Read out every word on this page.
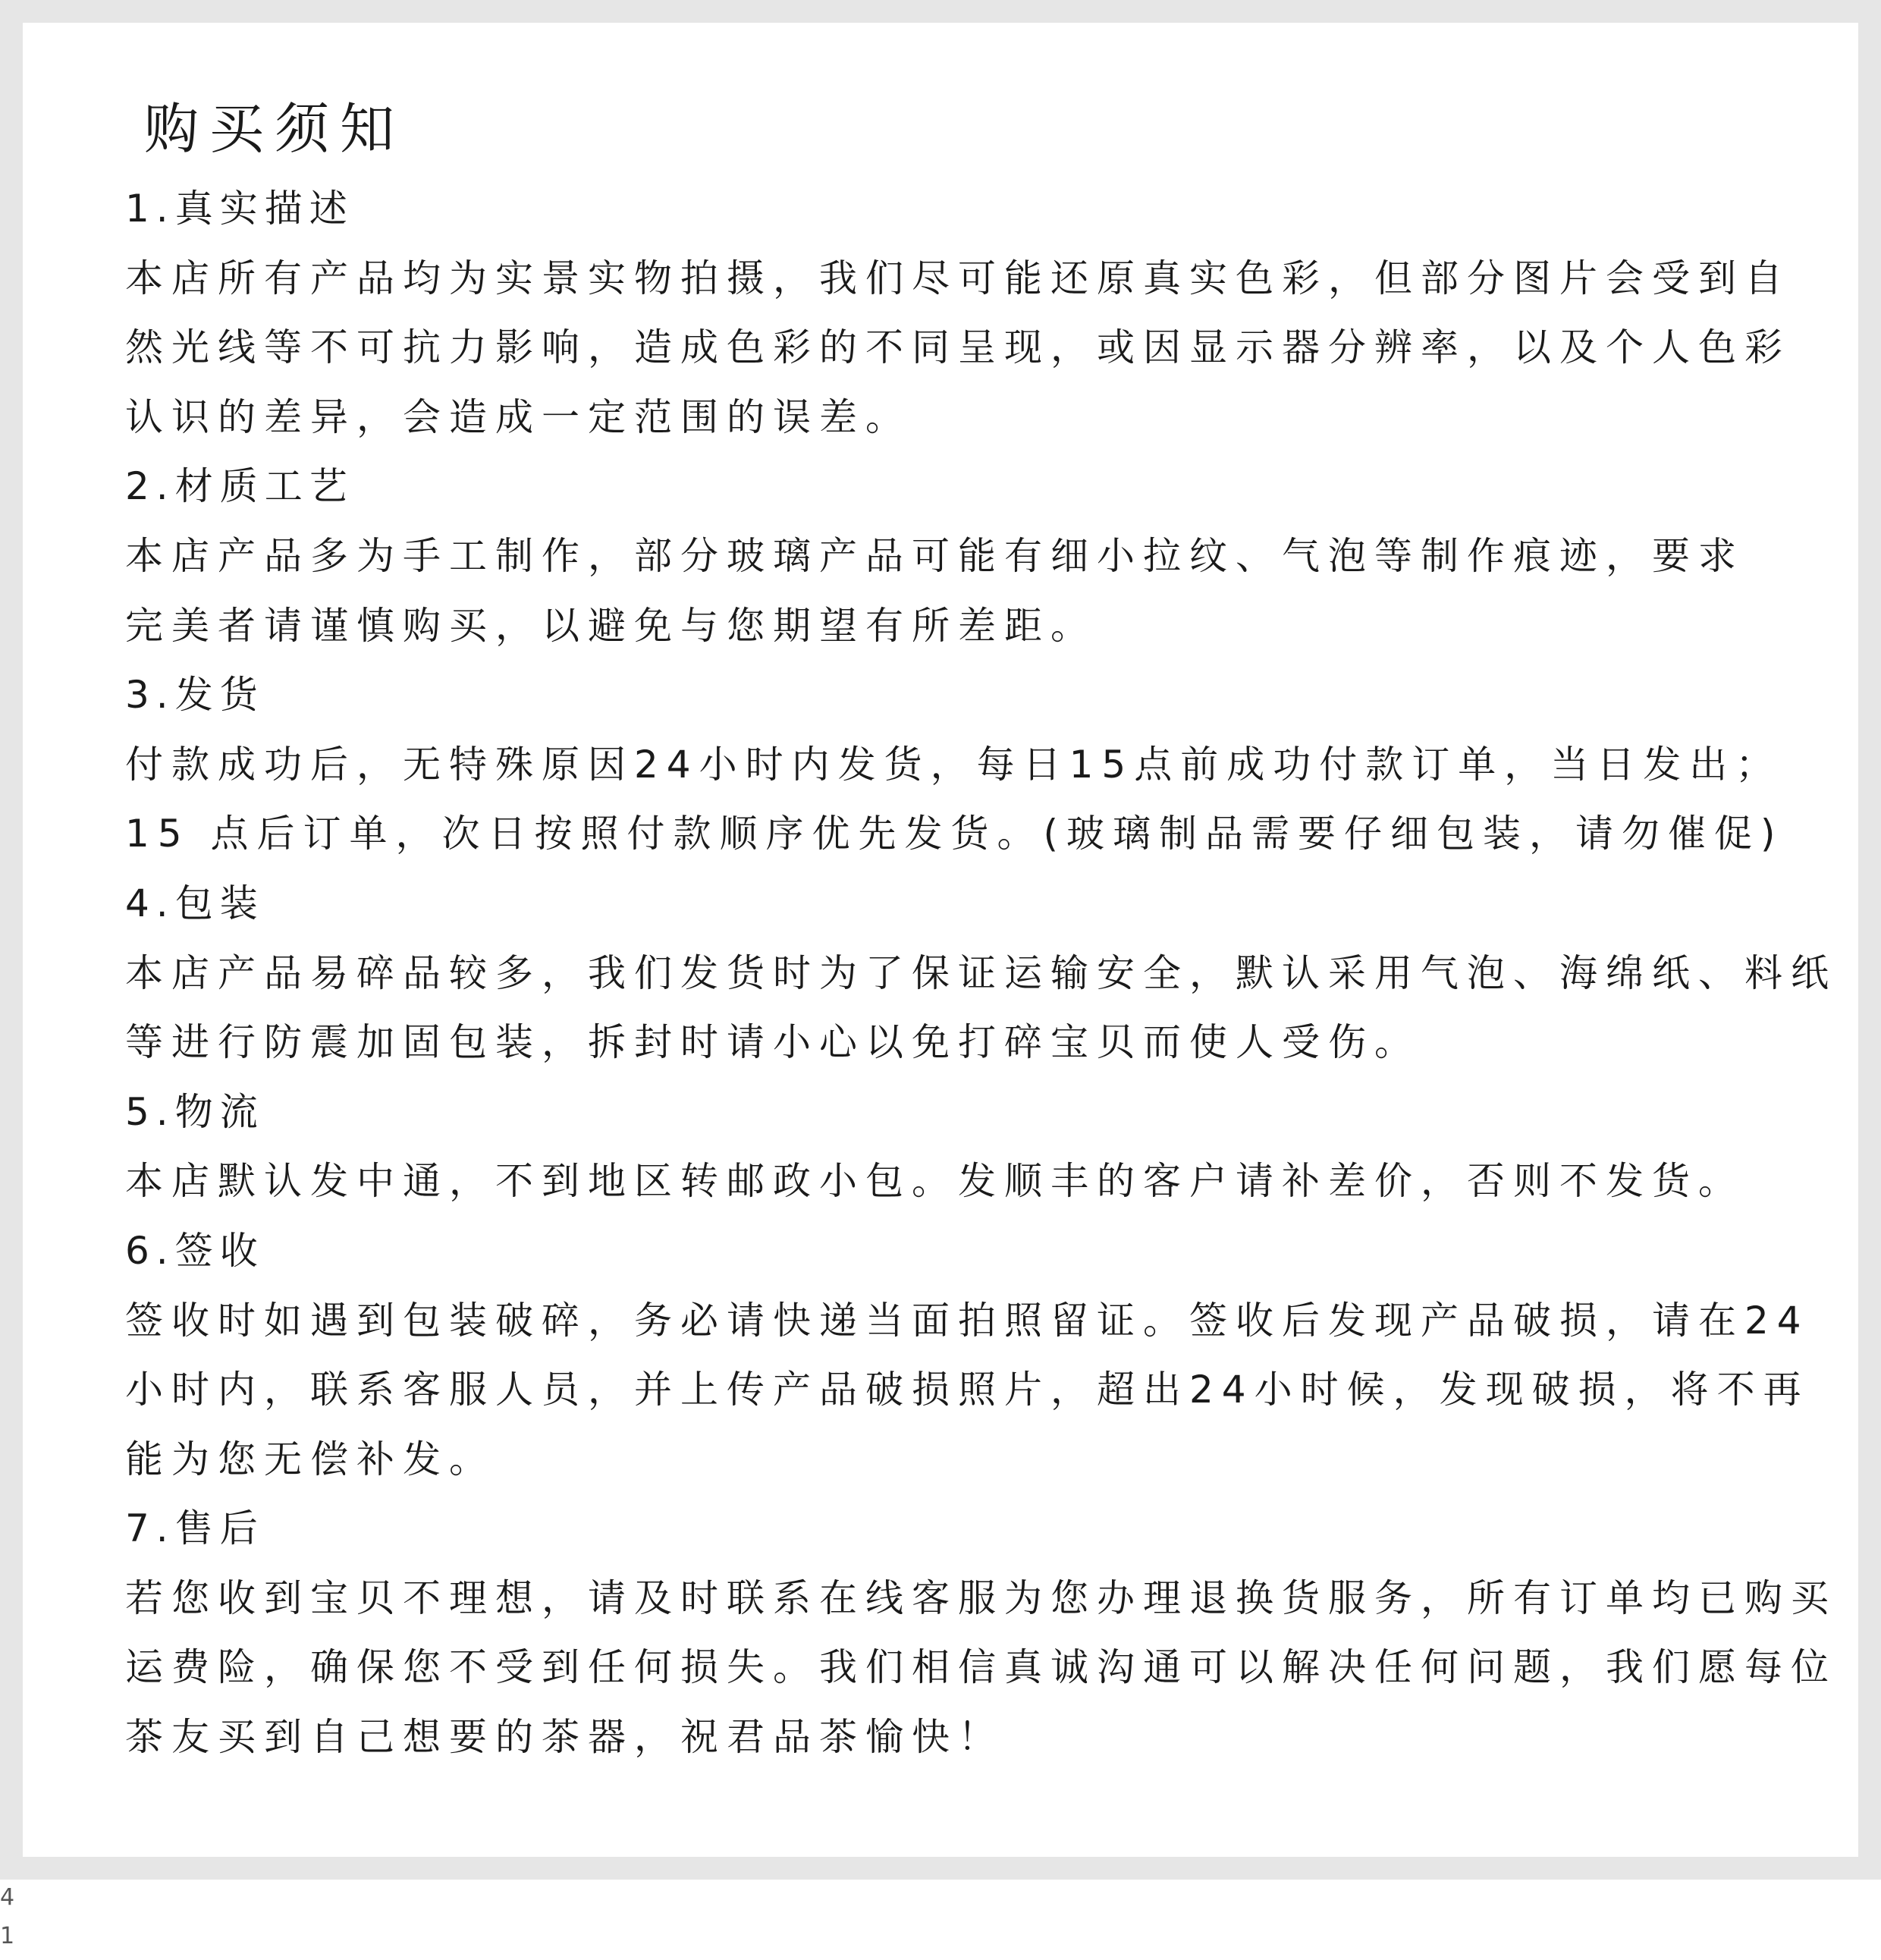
购买须知
1.真实描述
本店所有产品均为实景实物拍摄，我们尽可能还原真实色彩，但部分图片会受到自
然光线等不可抗力影响，造成色彩的不同呈现，或因显示器分辨率，以及个人色彩
认识的差异，会造成一定范围的误差。
2.材质工艺
本店产品多为手工制作，部分玻璃产品可能有细小拉纹、气泡等制作痕迹，要求
完美者请谨慎购买，以避免与您期望有所差距。
3.发货
付款成功后，无特殊原因24小时内发货，每日15点前成功付款订单，当日发出；
15 点后订单，次日按照付款顺序优先发货。(玻璃制品需要仔细包装，请勿催促)
4.包装
本店产品易碎品较多，我们发货时为了保证运输安全，默认采用气泡、海绵纸、料纸
等进行防震加固包装，拆封时请小心以免打碎宝贝而使人受伤。
5.物流
本店默认发中通，不到地区转邮政小包。发顺丰的客户请补差价，否则不发货。
6.签收
签收时如遇到包装破碎，务必请快递当面拍照留证。签收后发现产品破损，请在24
小时内，联系客服人员，并上传产品破损照片，超出24小时候，发现破损，将不再
能为您无偿补发。
7.售后
若您收到宝贝不理想，请及时联系在线客服为您办理退换货服务，所有订单均已购买
运费险，确保您不受到任何损失。我们相信真诚沟通可以解决任何问题，我们愿每位
茶友买到自己想要的茶器，祝君品茶愉快！
4
1
